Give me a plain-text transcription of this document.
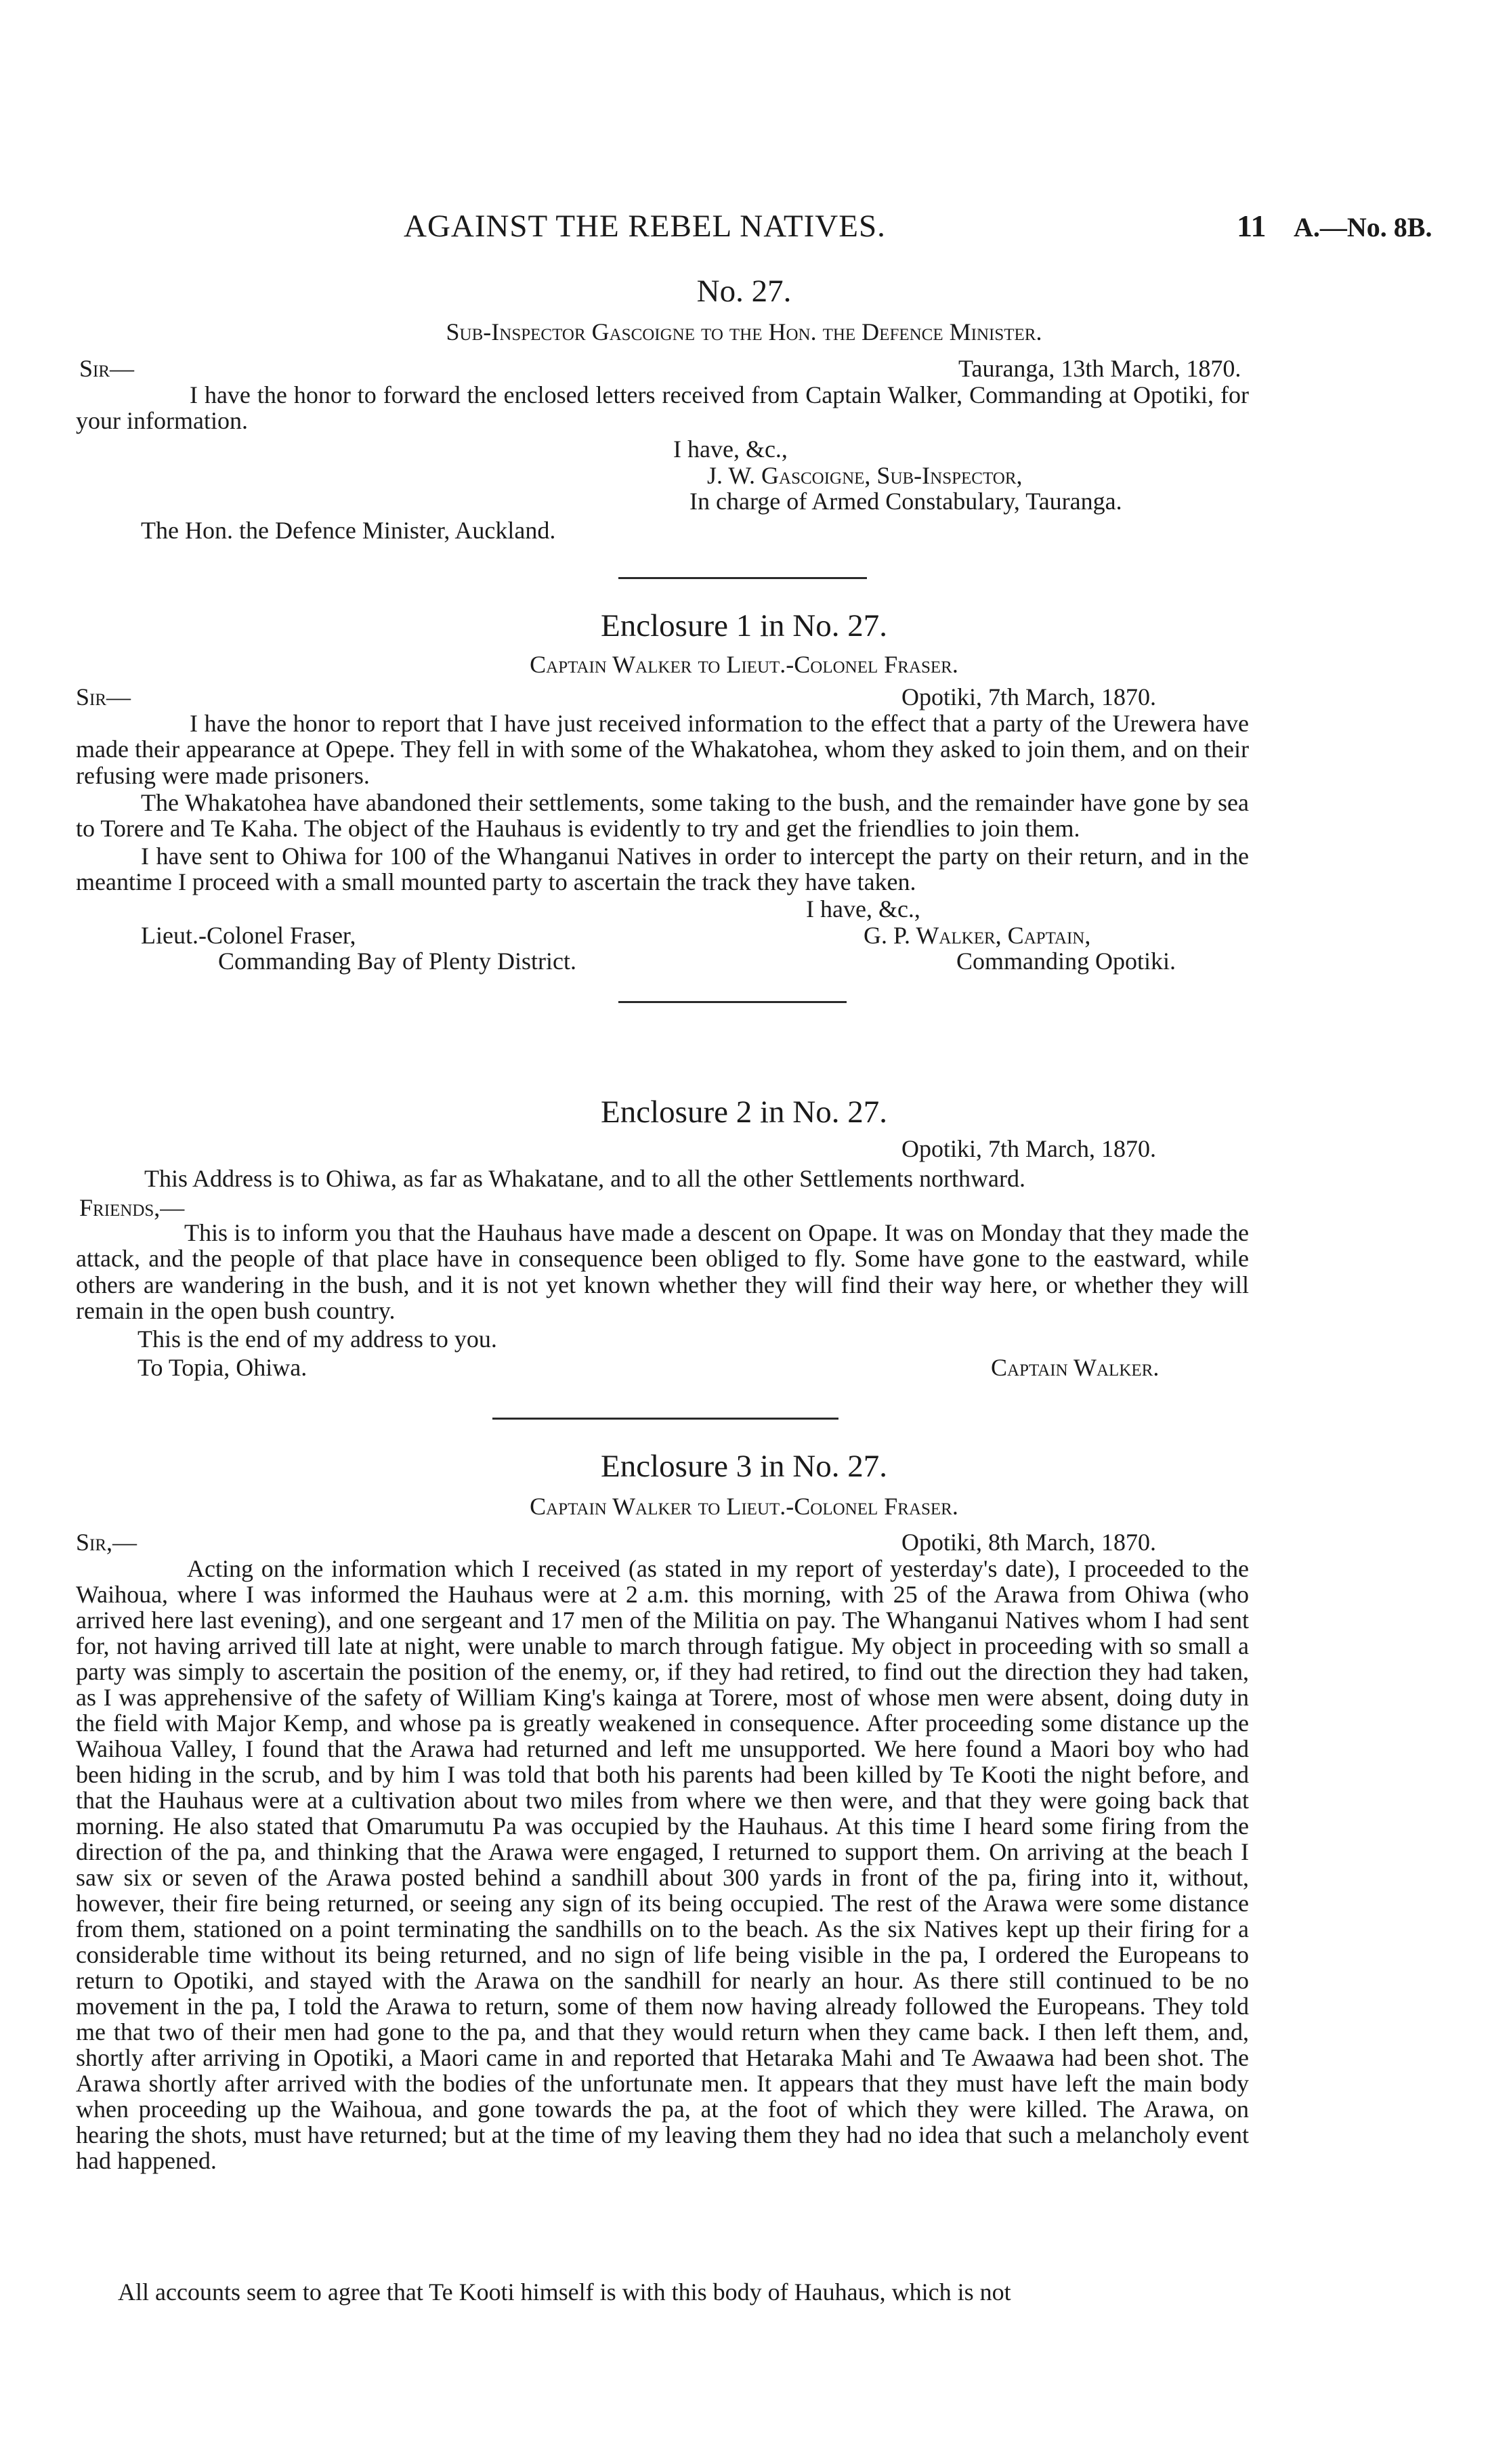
AGAINST THE REBEL NATIVES.	11 A.—No. 8B.
No. 27.
Sub-Inspector Gascoigne to the Hon. the Defence Minister.
Sir—	Tauranga, 13th March, 1870.
I have the honor to forward the enclosed letters received from Captain Walker, Commanding at Opotiki, for your information.
I have, &c.,
J. W. Gascoigne, Sub-Inspector,
In charge of Armed Constabulary, Tauranga.
The Hon. the Defence Minister, Auckland.
Enclosure 1 in No. 27.
Captain Walker to Lieut.-Colonel Fraser.
Sir—	Opotiki, 7th March, 1870.
I have the honor to report that I have just received information to the effect that a party of the Urewera have made their appearance at Opepe. They fell in with some of the Whakatohea, whom they asked to join them, and on their refusing were made prisoners.
The Whakatohea have abandoned their settlements, some taking to the bush, and the remainder have gone by sea to Torere and Te Kaha. The object of the Hauhaus is evidently to try and get the friendlies to join them.
I have sent to Ohiwa for 100 of the Whanganui Natives in order to intercept the party on their return, and in the meantime I proceed with a small mounted party to ascertain the track they have taken.
I have, &c.,
Lieut.-Colonel Fraser,
Commanding Bay of Plenty District.
G. P. Walker, Captain,
Commanding Opotiki.
Enclosure 2 in No. 27.
Opotiki, 7th March, 1870.
This Address is to Ohiwa, as far as Whakatane, and to all the other Settlements northward.
Friends,—
This is to inform you that the Hauhaus have made a descent on Opape. It was on Monday that they made the attack, and the people of that place have in consequence been obliged to fly. Some have gone to the eastward, while others are wandering in the bush, and it is not yet known whether they will find their way here, or whether they will remain in the open bush country.
This is the end of my address to you.
To Topia, Ohiwa.	Captain Walker.
Enclosure 3 in No. 27.
Captain Walker to Lieut.-Colonel Fraser.
Sir,—	Opotiki, 8th March, 1870.
Acting on the information which I received (as stated in my report of yesterday's date), I proceeded to the Waihoua, where I was informed the Hauhaus were at 2 a.m. this morning, with 25 of the Arawa from Ohiwa (who arrived here last evening), and one sergeant and 17 men of the Militia on pay. The Whanganui Natives whom I had sent for, not having arrived till late at night, were unable to march through fatigue. My object in proceeding with so small a party was simply to ascertain the position of the enemy, or, if they had retired, to find out the direction they had taken, as I was apprehensive of the safety of William King's kainga at Torere, most of whose men were absent, doing duty in the field with Major Kemp, and whose pa is greatly weakened in consequence. After proceeding some distance up the Waihoua Valley, I found that the Arawa had returned and left me unsupported. We here found a Maori boy who had been hiding in the scrub, and by him I was told that both his parents had been killed by Te Kooti the night before, and that the Hauhaus were at a cultivation about two miles from where we then were, and that they were going back that morning. He also stated that Omarumutu Pa was occupied by the Hauhaus. At this time I heard some firing from the direction of the pa, and thinking that the Arawa were engaged, I returned to support them. On arriving at the beach I saw six or seven of the Arawa posted behind a sandhill about 300 yards in front of the pa, firing into it, without, however, their fire being returned, or seeing any sign of its being occupied. The rest of the Arawa were some distance from them, stationed on a point terminating the sandhills on to the beach. As the six Natives kept up their firing for a considerable time without its being returned, and no sign of life being visible in the pa, I ordered the Europeans to return to Opotiki, and stayed with the Arawa on the sandhill for nearly an hour. As there still continued to be no movement in the pa, I told the Arawa to return, some of them now having already followed the Europeans. They told me that two of their men had gone to the pa, and that they would return when they came back. I then left them, and, shortly after arriving in Opotiki, a Maori came in and reported that Hetaraka Mahi and Te Awaawa had been shot. The Arawa shortly after arrived with the bodies of the unfortunate men. It appears that they must have left the main body when proceeding up the Waihoua, and gone towards the pa, at the foot of which they were killed. The Arawa, on hearing the shots, must have returned; but at the time of my leaving them they had no idea that such a melancholy event had happened.
All accounts seem to agree that Te Kooti himself is with this body of Hauhaus, which is not
